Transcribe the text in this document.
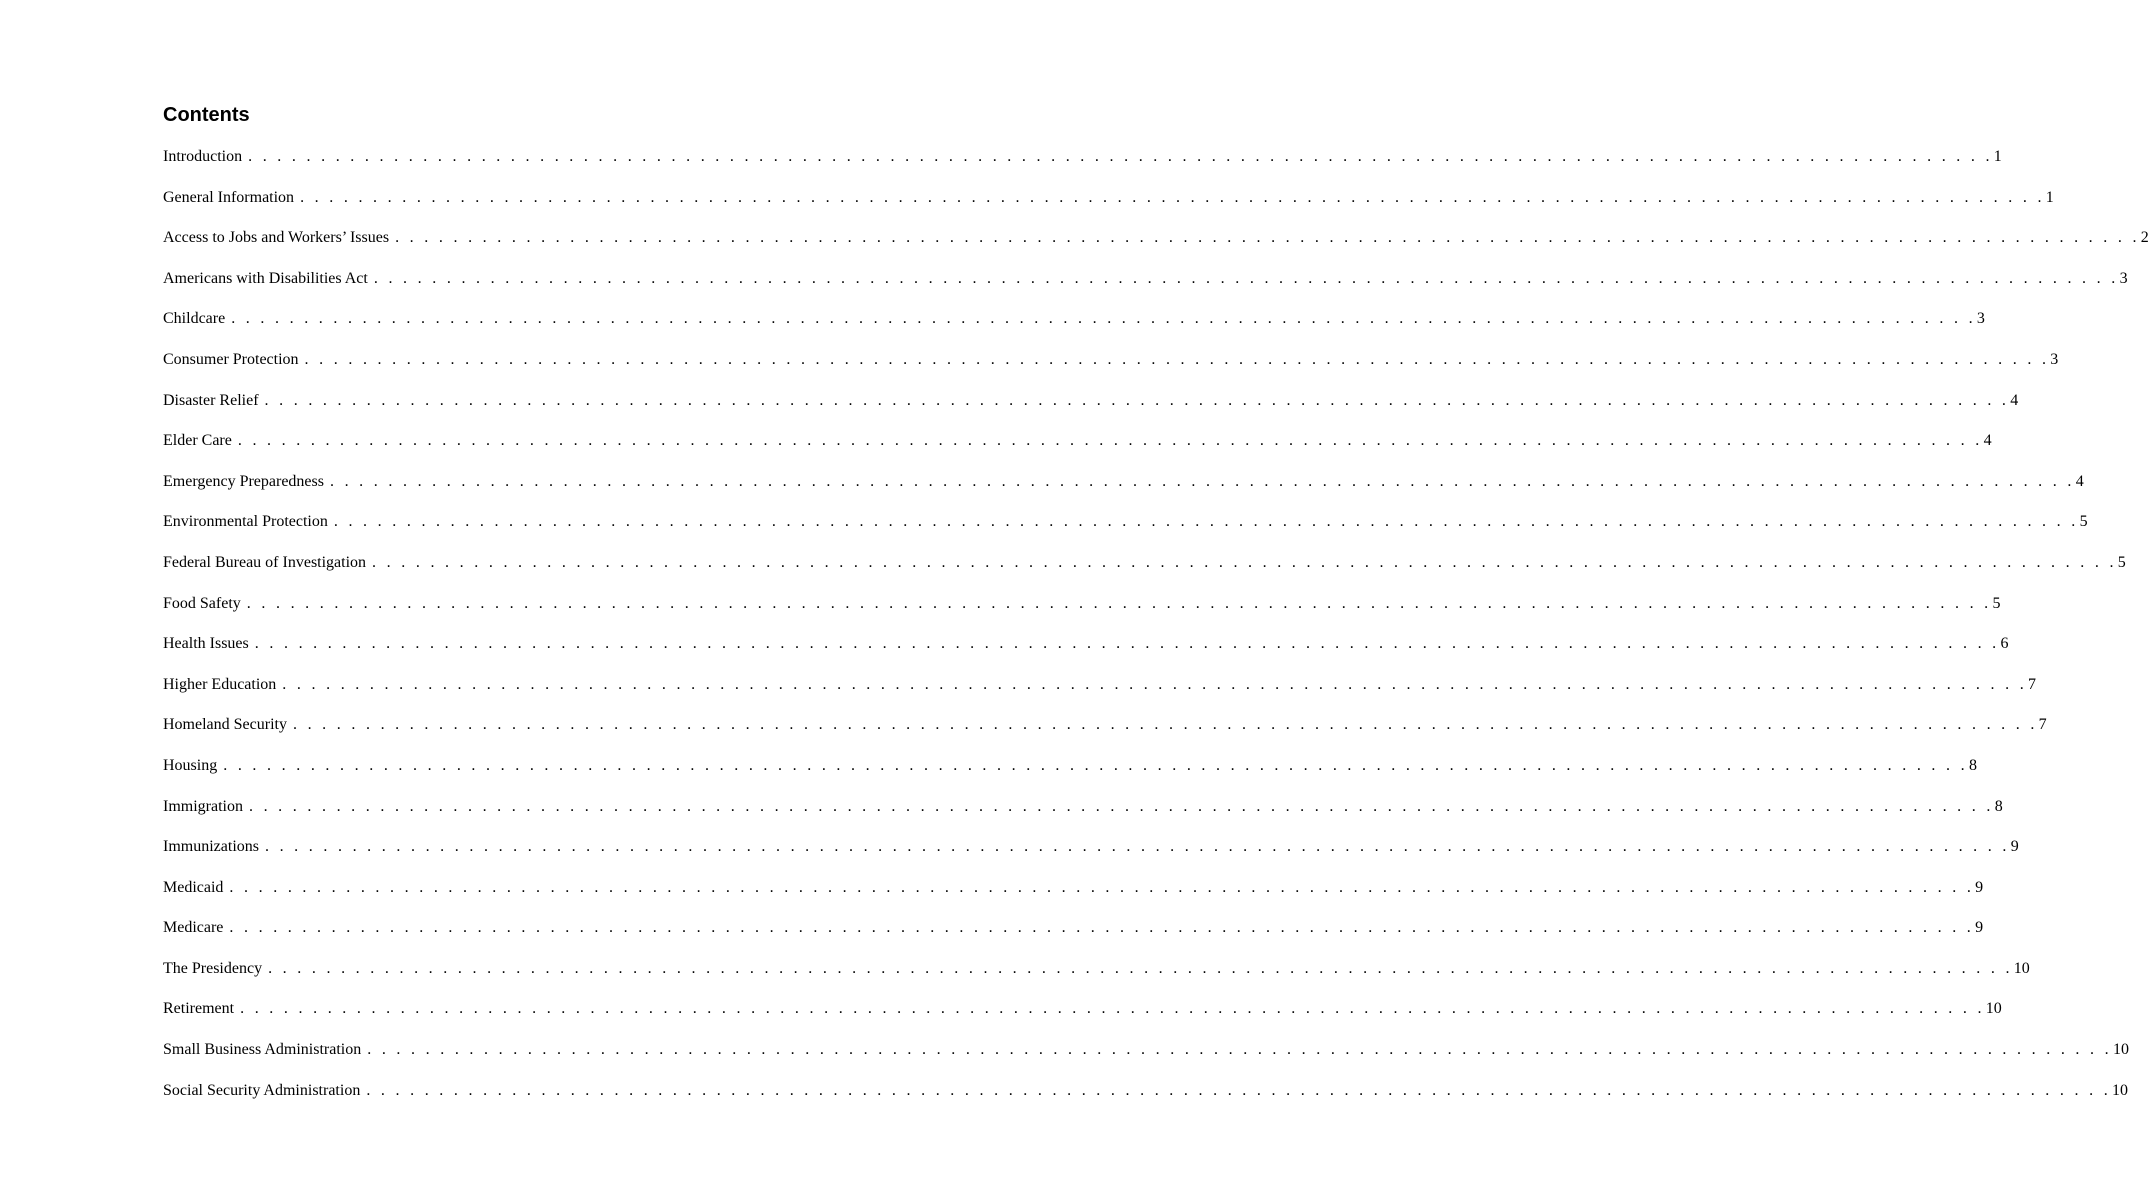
Contents
Introduction . . . . . . . . . . . . . . . . . . . . . . . . . . . . . . . . . . . . . . . . . . . . . . . . . . . . . . . . . . . . . . . . . . . . . . . . . . . . . . . . . . . . . . . . . . . . . . . . . . . . . . . . . . . . . . . . . . . . . . . . 1
General Information . . . . . . . . . . . . . . . . . . . . . . . . . . . . . . . . . . . . . . . . . . . . . . . . . . . . . . . . . . . . . . . . . . . . . . . . . . . . . . . . . . . . . . . . . . . . . . . . . . . . . . . . . . . . . . . . . . . . . . . . 1
Access to Jobs and Workers’ Issues . . . . . . . . . . . . . . . . . . . . . . . . . . . . . . . . . . . . . . . . . . . . . . . . . . . . . . . . . . . . . . . . . . . . . . . . . . . . . . . . . . . . . . . . . . . . . . . . . . . . . . . . . . . . . . . . . . . . . . . . 2
Americans with Disabilities Act . . . . . . . . . . . . . . . . . . . . . . . . . . . . . . . . . . . . . . . . . . . . . . . . . . . . . . . . . . . . . . . . . . . . . . . . . . . . . . . . . . . . . . . . . . . . . . . . . . . . . . . . . . . . . . . . . . . . . . . . 3
Childcare . . . . . . . . . . . . . . . . . . . . . . . . . . . . . . . . . . . . . . . . . . . . . . . . . . . . . . . . . . . . . . . . . . . . . . . . . . . . . . . . . . . . . . . . . . . . . . . . . . . . . . . . . . . . . . . . . . . . . . . . 3
Consumer Protection . . . . . . . . . . . . . . . . . . . . . . . . . . . . . . . . . . . . . . . . . . . . . . . . . . . . . . . . . . . . . . . . . . . . . . . . . . . . . . . . . . . . . . . . . . . . . . . . . . . . . . . . . . . . . . . . . . . . . . . . 3
Disaster Relief . . . . . . . . . . . . . . . . . . . . . . . . . . . . . . . . . . . . . . . . . . . . . . . . . . . . . . . . . . . . . . . . . . . . . . . . . . . . . . . . . . . . . . . . . . . . . . . . . . . . . . . . . . . . . . . . . . . . . . . . 4
Elder Care . . . . . . . . . . . . . . . . . . . . . . . . . . . . . . . . . . . . . . . . . . . . . . . . . . . . . . . . . . . . . . . . . . . . . . . . . . . . . . . . . . . . . . . . . . . . . . . . . . . . . . . . . . . . . . . . . . . . . . . . 4
Emergency Preparedness . . . . . . . . . . . . . . . . . . . . . . . . . . . . . . . . . . . . . . . . . . . . . . . . . . . . . . . . . . . . . . . . . . . . . . . . . . . . . . . . . . . . . . . . . . . . . . . . . . . . . . . . . . . . . . . . . . . . . . . . 4
Environmental Protection . . . . . . . . . . . . . . . . . . . . . . . . . . . . . . . . . . . . . . . . . . . . . . . . . . . . . . . . . . . . . . . . . . . . . . . . . . . . . . . . . . . . . . . . . . . . . . . . . . . . . . . . . . . . . . . . . . . . . . . . 5
Federal Bureau of Investigation . . . . . . . . . . . . . . . . . . . . . . . . . . . . . . . . . . . . . . . . . . . . . . . . . . . . . . . . . . . . . . . . . . . . . . . . . . . . . . . . . . . . . . . . . . . . . . . . . . . . . . . . . . . . . . . . . . . . . . . . 5
Food Safety . . . . . . . . . . . . . . . . . . . . . . . . . . . . . . . . . . . . . . . . . . . . . . . . . . . . . . . . . . . . . . . . . . . . . . . . . . . . . . . . . . . . . . . . . . . . . . . . . . . . . . . . . . . . . . . . . . . . . . . . 5
Health Issues . . . . . . . . . . . . . . . . . . . . . . . . . . . . . . . . . . . . . . . . . . . . . . . . . . . . . . . . . . . . . . . . . . . . . . . . . . . . . . . . . . . . . . . . . . . . . . . . . . . . . . . . . . . . . . . . . . . . . . . . 6
Higher Education . . . . . . . . . . . . . . . . . . . . . . . . . . . . . . . . . . . . . . . . . . . . . . . . . . . . . . . . . . . . . . . . . . . . . . . . . . . . . . . . . . . . . . . . . . . . . . . . . . . . . . . . . . . . . . . . . . . . . . . . 7
Homeland Security . . . . . . . . . . . . . . . . . . . . . . . . . . . . . . . . . . . . . . . . . . . . . . . . . . . . . . . . . . . . . . . . . . . . . . . . . . . . . . . . . . . . . . . . . . . . . . . . . . . . . . . . . . . . . . . . . . . . . . . . 7
Housing . . . . . . . . . . . . . . . . . . . . . . . . . . . . . . . . . . . . . . . . . . . . . . . . . . . . . . . . . . . . . . . . . . . . . . . . . . . . . . . . . . . . . . . . . . . . . . . . . . . . . . . . . . . . . . . . . . . . . . . . 8
Immigration . . . . . . . . . . . . . . . . . . . . . . . . . . . . . . . . . . . . . . . . . . . . . . . . . . . . . . . . . . . . . . . . . . . . . . . . . . . . . . . . . . . . . . . . . . . . . . . . . . . . . . . . . . . . . . . . . . . . . . . . 8
Immunizations . . . . . . . . . . . . . . . . . . . . . . . . . . . . . . . . . . . . . . . . . . . . . . . . . . . . . . . . . . . . . . . . . . . . . . . . . . . . . . . . . . . . . . . . . . . . . . . . . . . . . . . . . . . . . . . . . . . . . . . . 9
Medicaid . . . . . . . . . . . . . . . . . . . . . . . . . . . . . . . . . . . . . . . . . . . . . . . . . . . . . . . . . . . . . . . . . . . . . . . . . . . . . . . . . . . . . . . . . . . . . . . . . . . . . . . . . . . . . . . . . . . . . . . . 9
Medicare . . . . . . . . . . . . . . . . . . . . . . . . . . . . . . . . . . . . . . . . . . . . . . . . . . . . . . . . . . . . . . . . . . . . . . . . . . . . . . . . . . . . . . . . . . . . . . . . . . . . . . . . . . . . . . . . . . . . . . . . 9
The Presidency . . . . . . . . . . . . . . . . . . . . . . . . . . . . . . . . . . . . . . . . . . . . . . . . . . . . . . . . . . . . . . . . . . . . . . . . . . . . . . . . . . . . . . . . . . . . . . . . . . . . . . . . . . . . . . . . . . . . . . . . 10
Retirement . . . . . . . . . . . . . . . . . . . . . . . . . . . . . . . . . . . . . . . . . . . . . . . . . . . . . . . . . . . . . . . . . . . . . . . . . . . . . . . . . . . . . . . . . . . . . . . . . . . . . . . . . . . . . . . . . . . . . . . . 10
Small Business Administration . . . . . . . . . . . . . . . . . . . . . . . . . . . . . . . . . . . . . . . . . . . . . . . . . . . . . . . . . . . . . . . . . . . . . . . . . . . . . . . . . . . . . . . . . . . . . . . . . . . . . . . . . . . . . . . . . . . . . . . . 10
Social Security Administration . . . . . . . . . . . . . . . . . . . . . . . . . . . . . . . . . . . . . . . . . . . . . . . . . . . . . . . . . . . . . . . . . . . . . . . . . . . . . . . . . . . . . . . . . . . . . . . . . . . . . . . . . . . . . . . . . . . . . . . . 10
